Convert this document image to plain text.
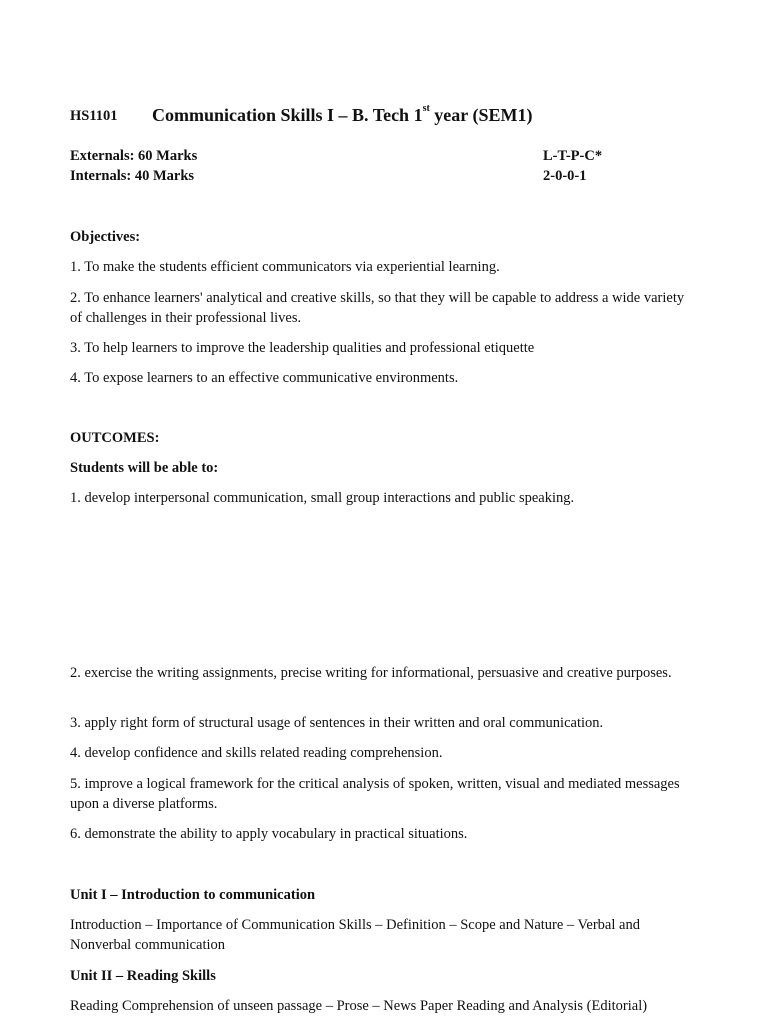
HS1101 Communication Skills I – B. Tech 1st year (SEM1)
Externals: 60 Marks
Internals: 40 Marks
L-T-P-C*
2-0-0-1
Objectives:
1. To make the students efficient communicators via experiential learning.
2. To enhance learners' analytical and creative skills, so that they will be capable to address a wide variety of challenges in their professional lives.
3. To help learners to improve the leadership qualities and professional etiquette
4. To expose learners to an effective communicative environments.
OUTCOMES:
Students will be able to:
1. develop interpersonal communication, small group interactions and public speaking.
2. exercise the writing assignments, precise writing for informational, persuasive and creative purposes.
3. apply right form of structural usage of sentences in their written and oral communication.
4. develop confidence and skills related reading comprehension.
5. improve a logical framework for the critical analysis of spoken, written, visual and mediated messages upon a diverse platforms.
6. demonstrate the ability to apply vocabulary in practical situations.
Unit I – Introduction to communication
Introduction – Importance of Communication Skills – Definition – Scope and Nature – Verbal and Nonverbal communication
Unit II – Reading Skills
Reading Comprehension of unseen passage – Prose – News Paper Reading and Analysis (Editorial)
